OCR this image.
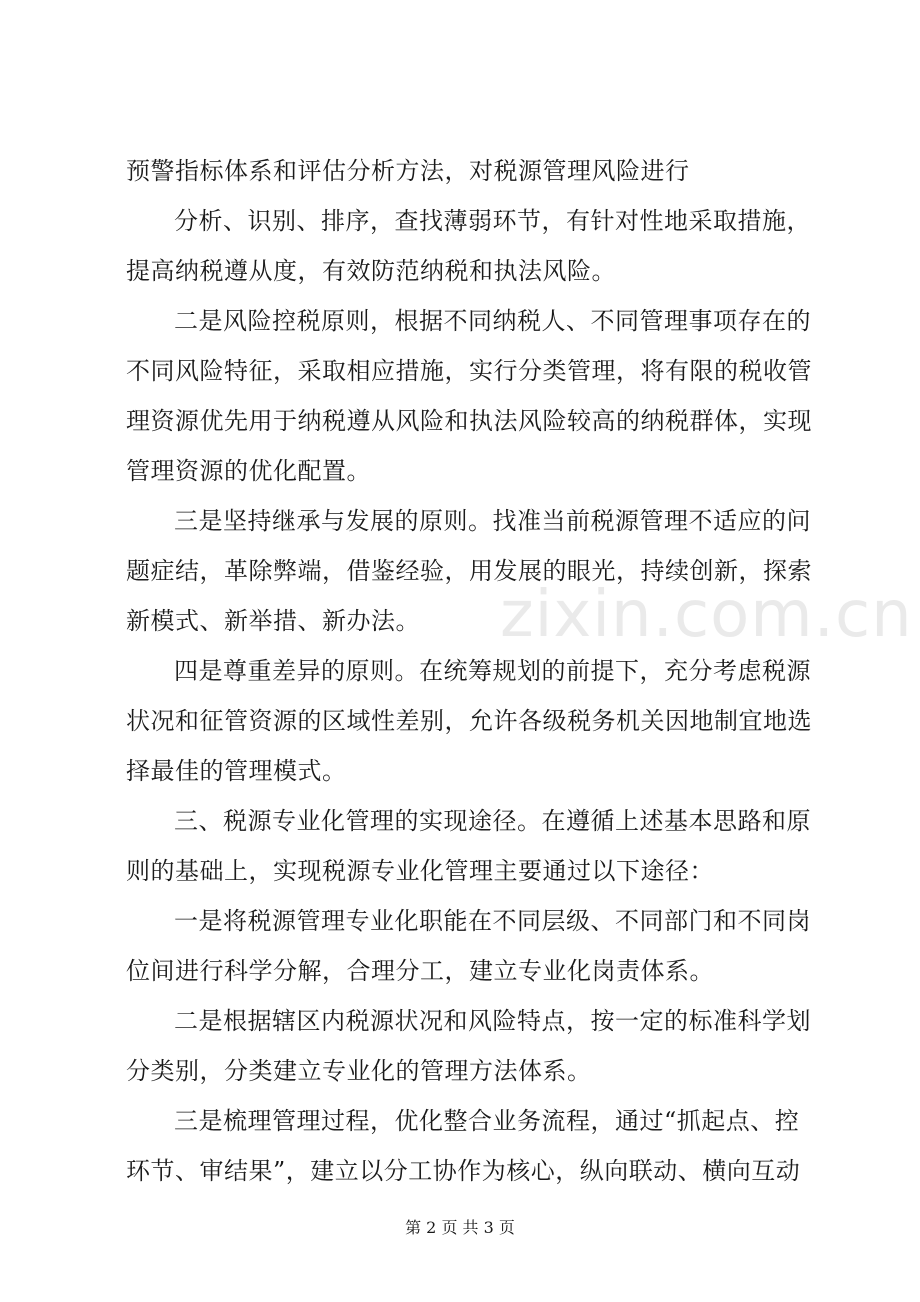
预警指标体系和评估分析方法，对税源管理风险进行
分析、识别、排序，查找薄弱环节，有针对性地采取措施，
提高纳税遵从度，有效防范纳税和执法风险。
二是风险控税原则，根据不同纳税人、不同管理事项存在的
不同风险特征，采取相应措施，实行分类管理，将有限的税收管
理资源优先用于纳税遵从风险和执法风险较高的纳税群体，实现
管理资源的优化配置。
三是坚持继承与发展的原则。找准当前税源管理不适应的问
题症结，革除弊端，借鉴经验，用发展的眼光，持续创新，探索
新模式、新举措、新办法。
四是尊重差异的原则。在统筹规划的前提下，充分考虑税源
状况和征管资源的区域性差别，允许各级税务机关因地制宜地选
择最佳的管理模式。
三、税源专业化管理的实现途径。在遵循上述基本思路和原
则的基础上，实现税源专业化管理主要通过以下途径：
一是将税源管理专业化职能在不同层级、不同部门和不同岗
位间进行科学分解，合理分工，建立专业化岗责体系。
二是根据辖区内税源状况和风险特点，按一定的标准科学划
分类别，分类建立专业化的管理方法体系。
三是梳理管理过程，优化整合业务流程，通过“抓起点、控
环节、审结果”，建立以分工协作为核心，纵向联动、横向互动
zixin.com.cn
第 2 页 共 3 页
